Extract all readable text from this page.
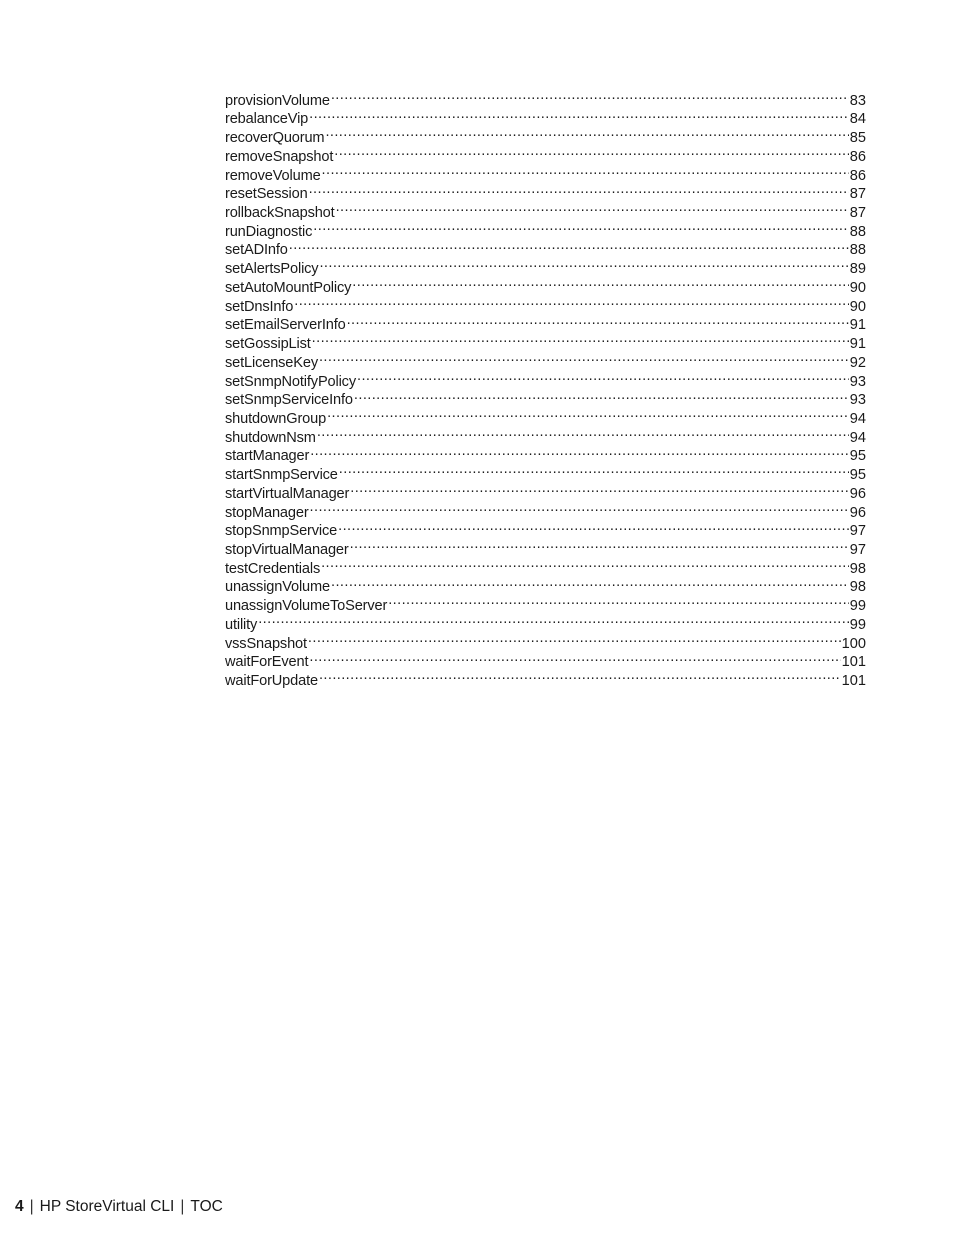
provisionVolume .....	83
rebalanceVip .....	84
recoverQuorum .....	85
removeSnapshot .....	86
removeVolume .....	86
resetSession .....	87
rollbackSnapshot .....	87
runDiagnostic .....	88
setADInfo .....	88
setAlertsPolicy .....	89
setAutoMountPolicy .....	90
setDnsInfo .....	90
setEmailServerInfo .....	91
setGossipList .....	91
setLicenseKey .....	92
setSnmpNotifyPolicy .....	93
setSnmpServiceInfo .....	93
shutdownGroup .....	94
shutdownNsm .....	94
startManager .....	95
startSnmpService .....	95
startVirtualManager .....	96
stopManager .....	96
stopSnmpService .....	97
stopVirtualManager .....	97
testCredentials .....	98
unassignVolume .....	98
unassignVolumeToServer .....	99
utility .....	99
vssSnapshot .....	100
waitForEvent .....	101
waitForUpdate .....	101
4 | HP StoreVirtual CLI | TOC
